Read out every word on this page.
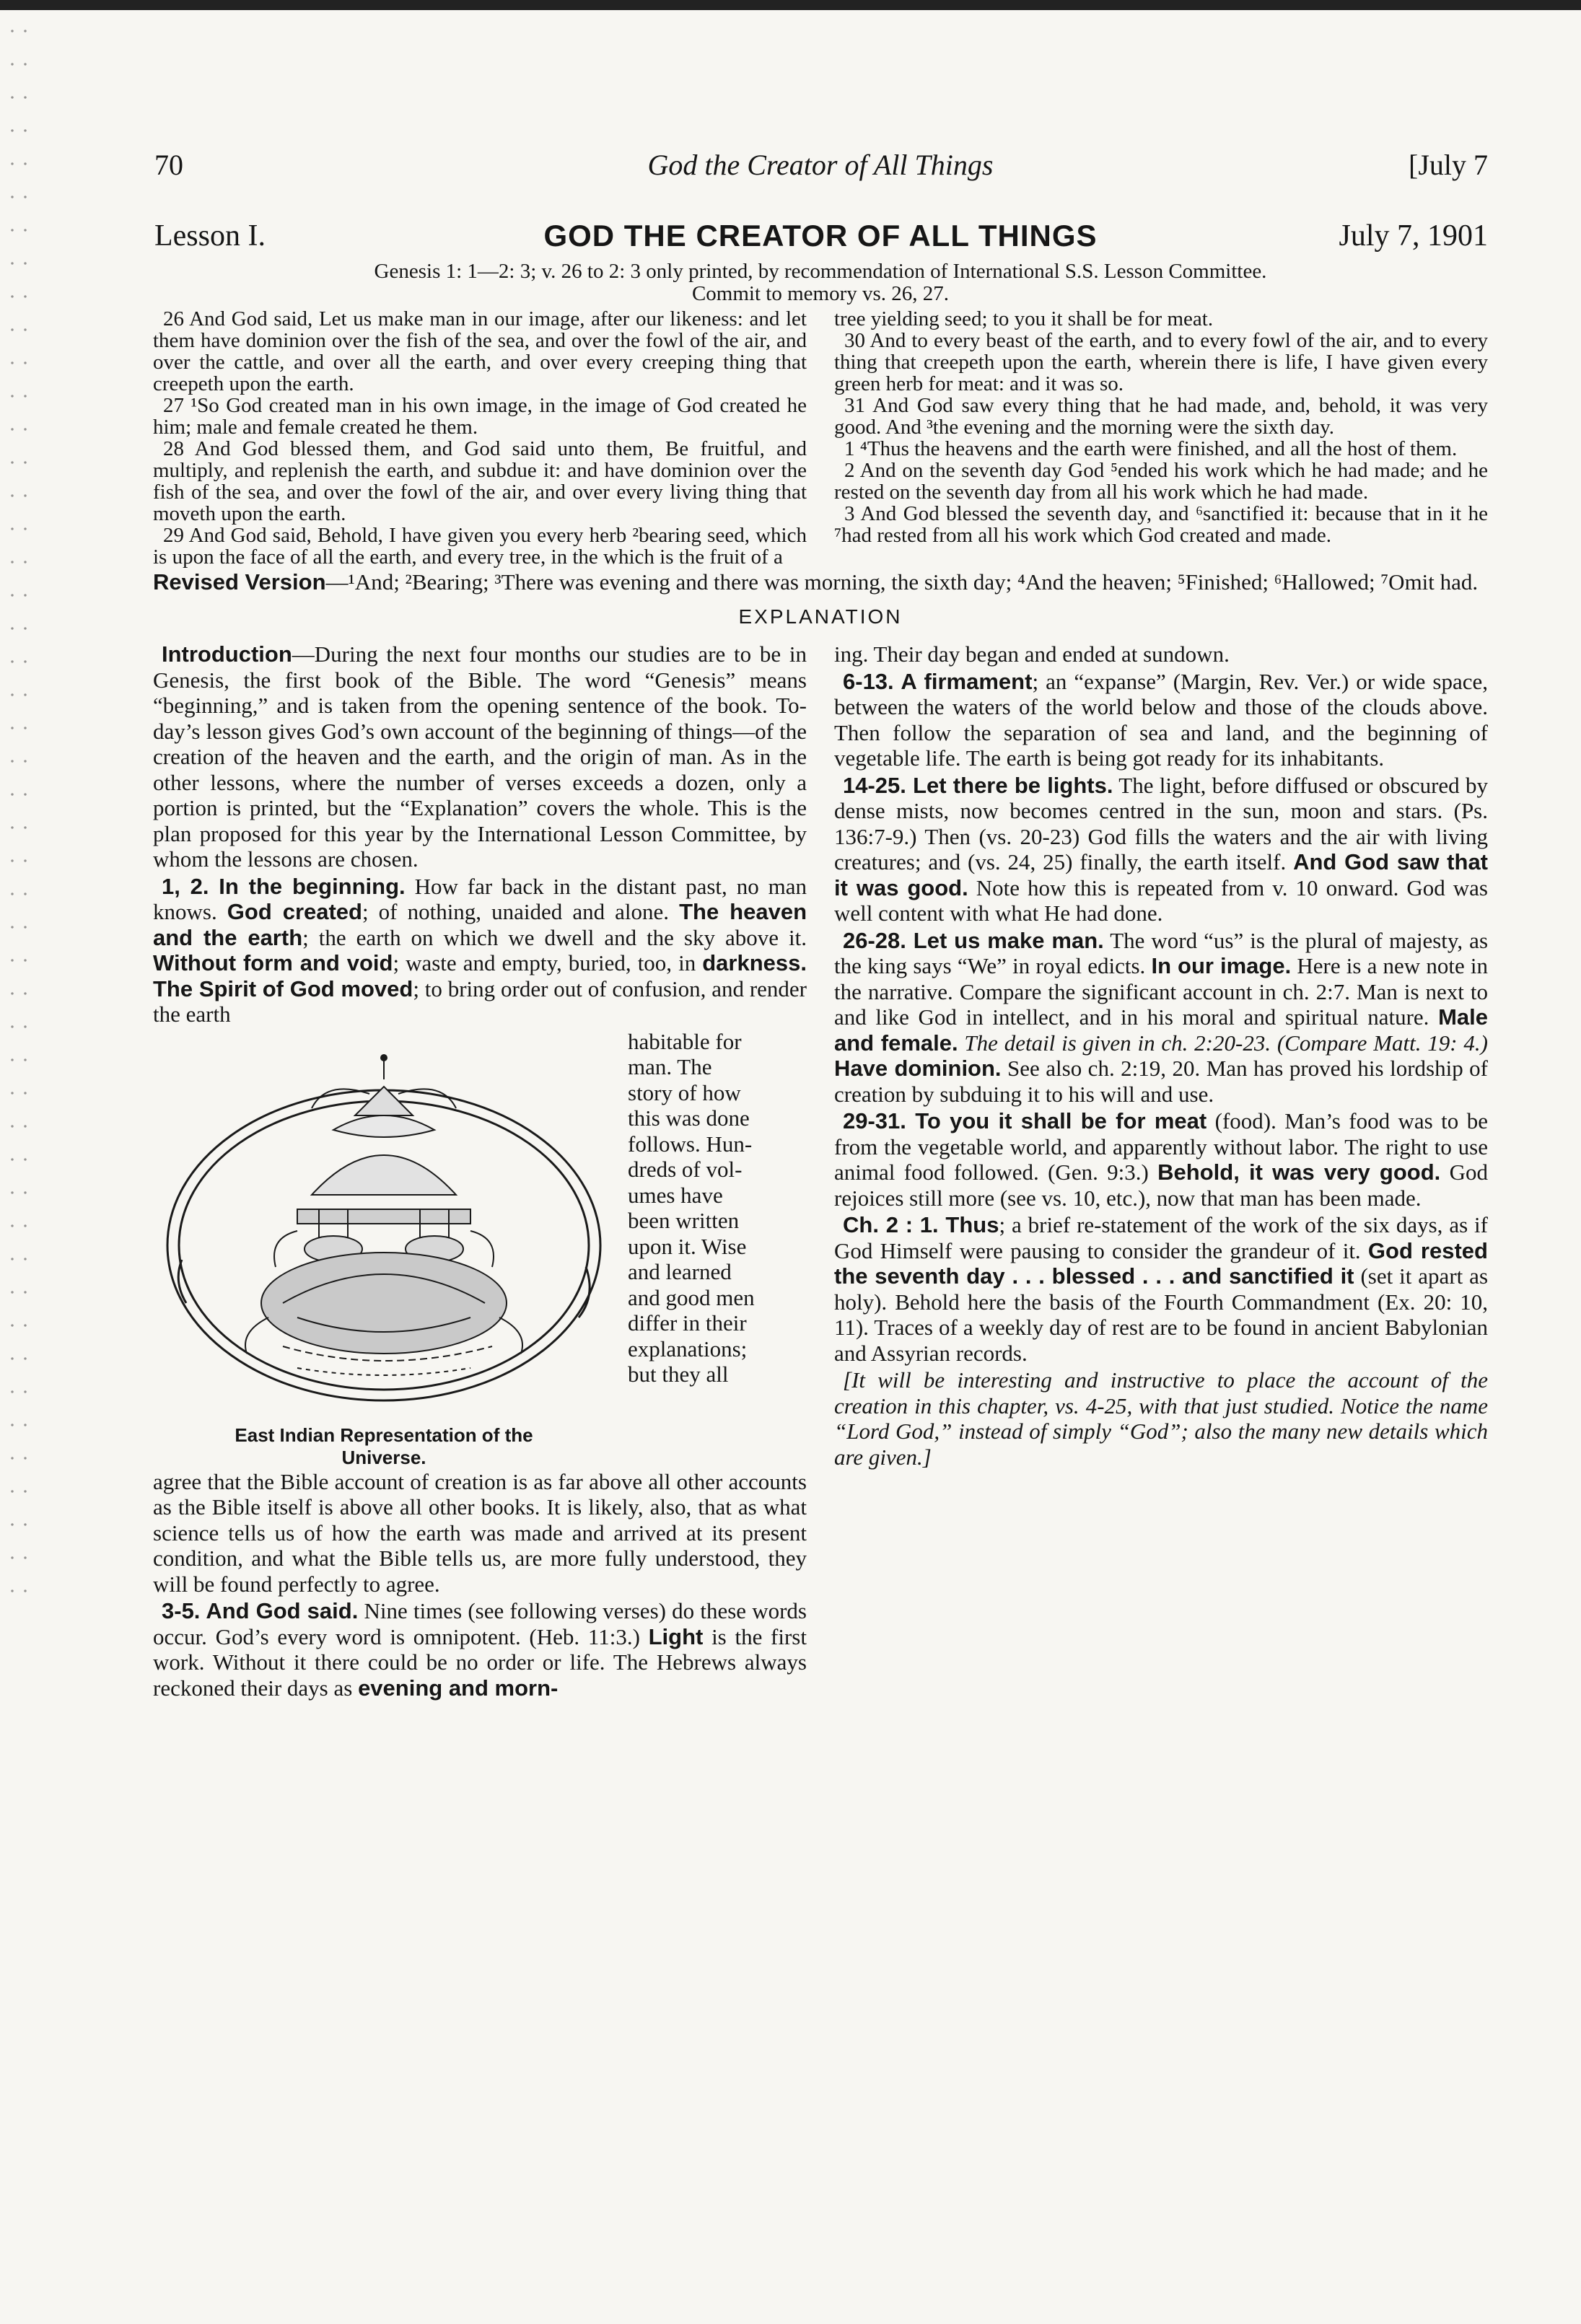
70	God the Creator of All Things	[July 7
Lesson I.	GOD THE CREATOR OF ALL THINGS	July 7, 1901
Genesis 1: 1—2: 3; v. 26 to 2: 3 only printed, by recommendation of International S.S. Lesson Committee.
Commit to memory vs. 26, 27.

26 And God said, Let us make man in our image, after our likeness: and let them have dominion over the fish of the sea, and over the fowl of the air, and over the cattle, and over all the earth, and over every creeping thing that creepeth upon the earth.

27 ¹So God created man in his own image, in the image of God created he him; male and female created he them.

28 And God blessed them, and God said unto them, Be fruitful, and multiply, and replenish the earth, and subdue it: and have dominion over the fish of the sea, and over the fowl of the air, and over every living thing that moveth upon the earth.

29 And God said, Behold, I have given you every herb ²bearing seed, which is upon the face of all the earth, and every tree, in the which is the fruit of a

tree yielding seed; to you it shall be for meat.

30 And to every beast of the earth, and to every fowl of the air, and to every thing that creepeth upon the earth, wherein there is life, I have given every green herb for meat: and it was so.

31 And God saw every thing that he had made, and, behold, it was very good. And ³the evening and the morning were the sixth day.

1 ⁴Thus the heavens and the earth were finished, and all the host of them.

2 And on the seventh day God ⁵ended his work which he had made; and he rested on the seventh day from all his work which he had made.

3 And God blessed the seventh day, and ⁶sanctified it: because that in it he ⁷had rested from all his work which God created and made.

Revised Version—¹And; ²Bearing; ³There was evening and there was morning, the sixth day; ⁴And the heaven; ⁵Finished; ⁶Hallowed; ⁷Omit had.
EXPLANATION

Introduction—During the next four months our studies are to be in Genesis, the first book of the Bible. The word “Genesis” means “beginning,” and is taken from the opening sentence of the book. To-day’s lesson gives God’s own account of the beginning of things—of the creation of the heaven and the earth, and the origin of man. As in the other lessons, where the number of verses exceeds a dozen, only a portion is printed, but the “Explanation” covers the whole. This is the plan proposed for this year by the International Lesson Committee, by whom the lessons are chosen.

1, 2. In the beginning. How far back in the distant past, no man knows. God created; of nothing, unaided and alone. The heaven and the earth; the earth on which we dwell and the sky above it. Without form and void; waste and empty, buried, too, in darkness. The Spirit of God moved; to bring order out of confusion, and render the earth

East Indian Representation of the
Universe.
habitable for
man. The
story of how
this was done
follows. Hun-
dreds of vol-
umes have
been written
upon it. Wise
and learned
and good men
differ in their
explanations;
but they all

agree that the Bible account of creation is as far above all other accounts as the Bible itself is above all other books. It is likely, also, that as what science tells us of how the earth was made and arrived at its present condition, and what the Bible tells us, are more fully understood, they will be found perfectly to agree.

3-5. And God said. Nine times (see following verses) do these words occur. God’s every word is omnipotent. (Heb. 11:3.) Light is the first work. Without it there could be no order or life. The Hebrews always reckoned their days as evening and morn-

ing. Their day began and ended at sundown.

6-13. A firmament; an “expanse” (Margin, Rev. Ver.) or wide space, between the waters of the world below and those of the clouds above. Then follow the separation of sea and land, and the beginning of vegetable life. The earth is being got ready for its inhabitants.

14-25. Let there be lights. The light, before diffused or obscured by dense mists, now becomes centred in the sun, moon and stars. (Ps. 136:7-9.) Then (vs. 20-23) God fills the waters and the air with living creatures; and (vs. 24, 25) finally, the earth itself. And God saw that it was good. Note how this is repeated from v. 10 onward. God was well content with what He had done.

26-28. Let us make man. The word “us” is the plural of majesty, as the king says “We” in royal edicts. In our image. Here is a new note in the narrative. Compare the significant account in ch. 2:7. Man is next to and like God in intellect, and in his moral and spiritual nature. Male and female. The detail is given in ch. 2:20-23. (Compare Matt. 19: 4.) Have dominion. See also ch. 2:19, 20. Man has proved his lordship of creation by subduing it to his will and use.

29-31. To you it shall be for meat (food). Man’s food was to be from the vegetable world, and apparently without labor. The right to use animal food followed. (Gen. 9:3.) Behold, it was very good. God rejoices still more (see vs. 10, etc.), now that man has been made.

Ch. 2 : 1. Thus; a brief re-statement of the work of the six days, as if God Himself were pausing to consider the grandeur of it. God rested the seventh day . . . blessed . . . and sanctified it (set it apart as holy). Behold here the basis of the Fourth Commandment (Ex. 20: 10, 11). Traces of a weekly day of rest are to be found in ancient Babylonian and Assyrian records.

[It will be interesting and instructive to place the account of the creation in this chapter, vs. 4-25, with that just studied. Notice the name “Lord God,” instead of simply “God”; also the many new details which are given.]
